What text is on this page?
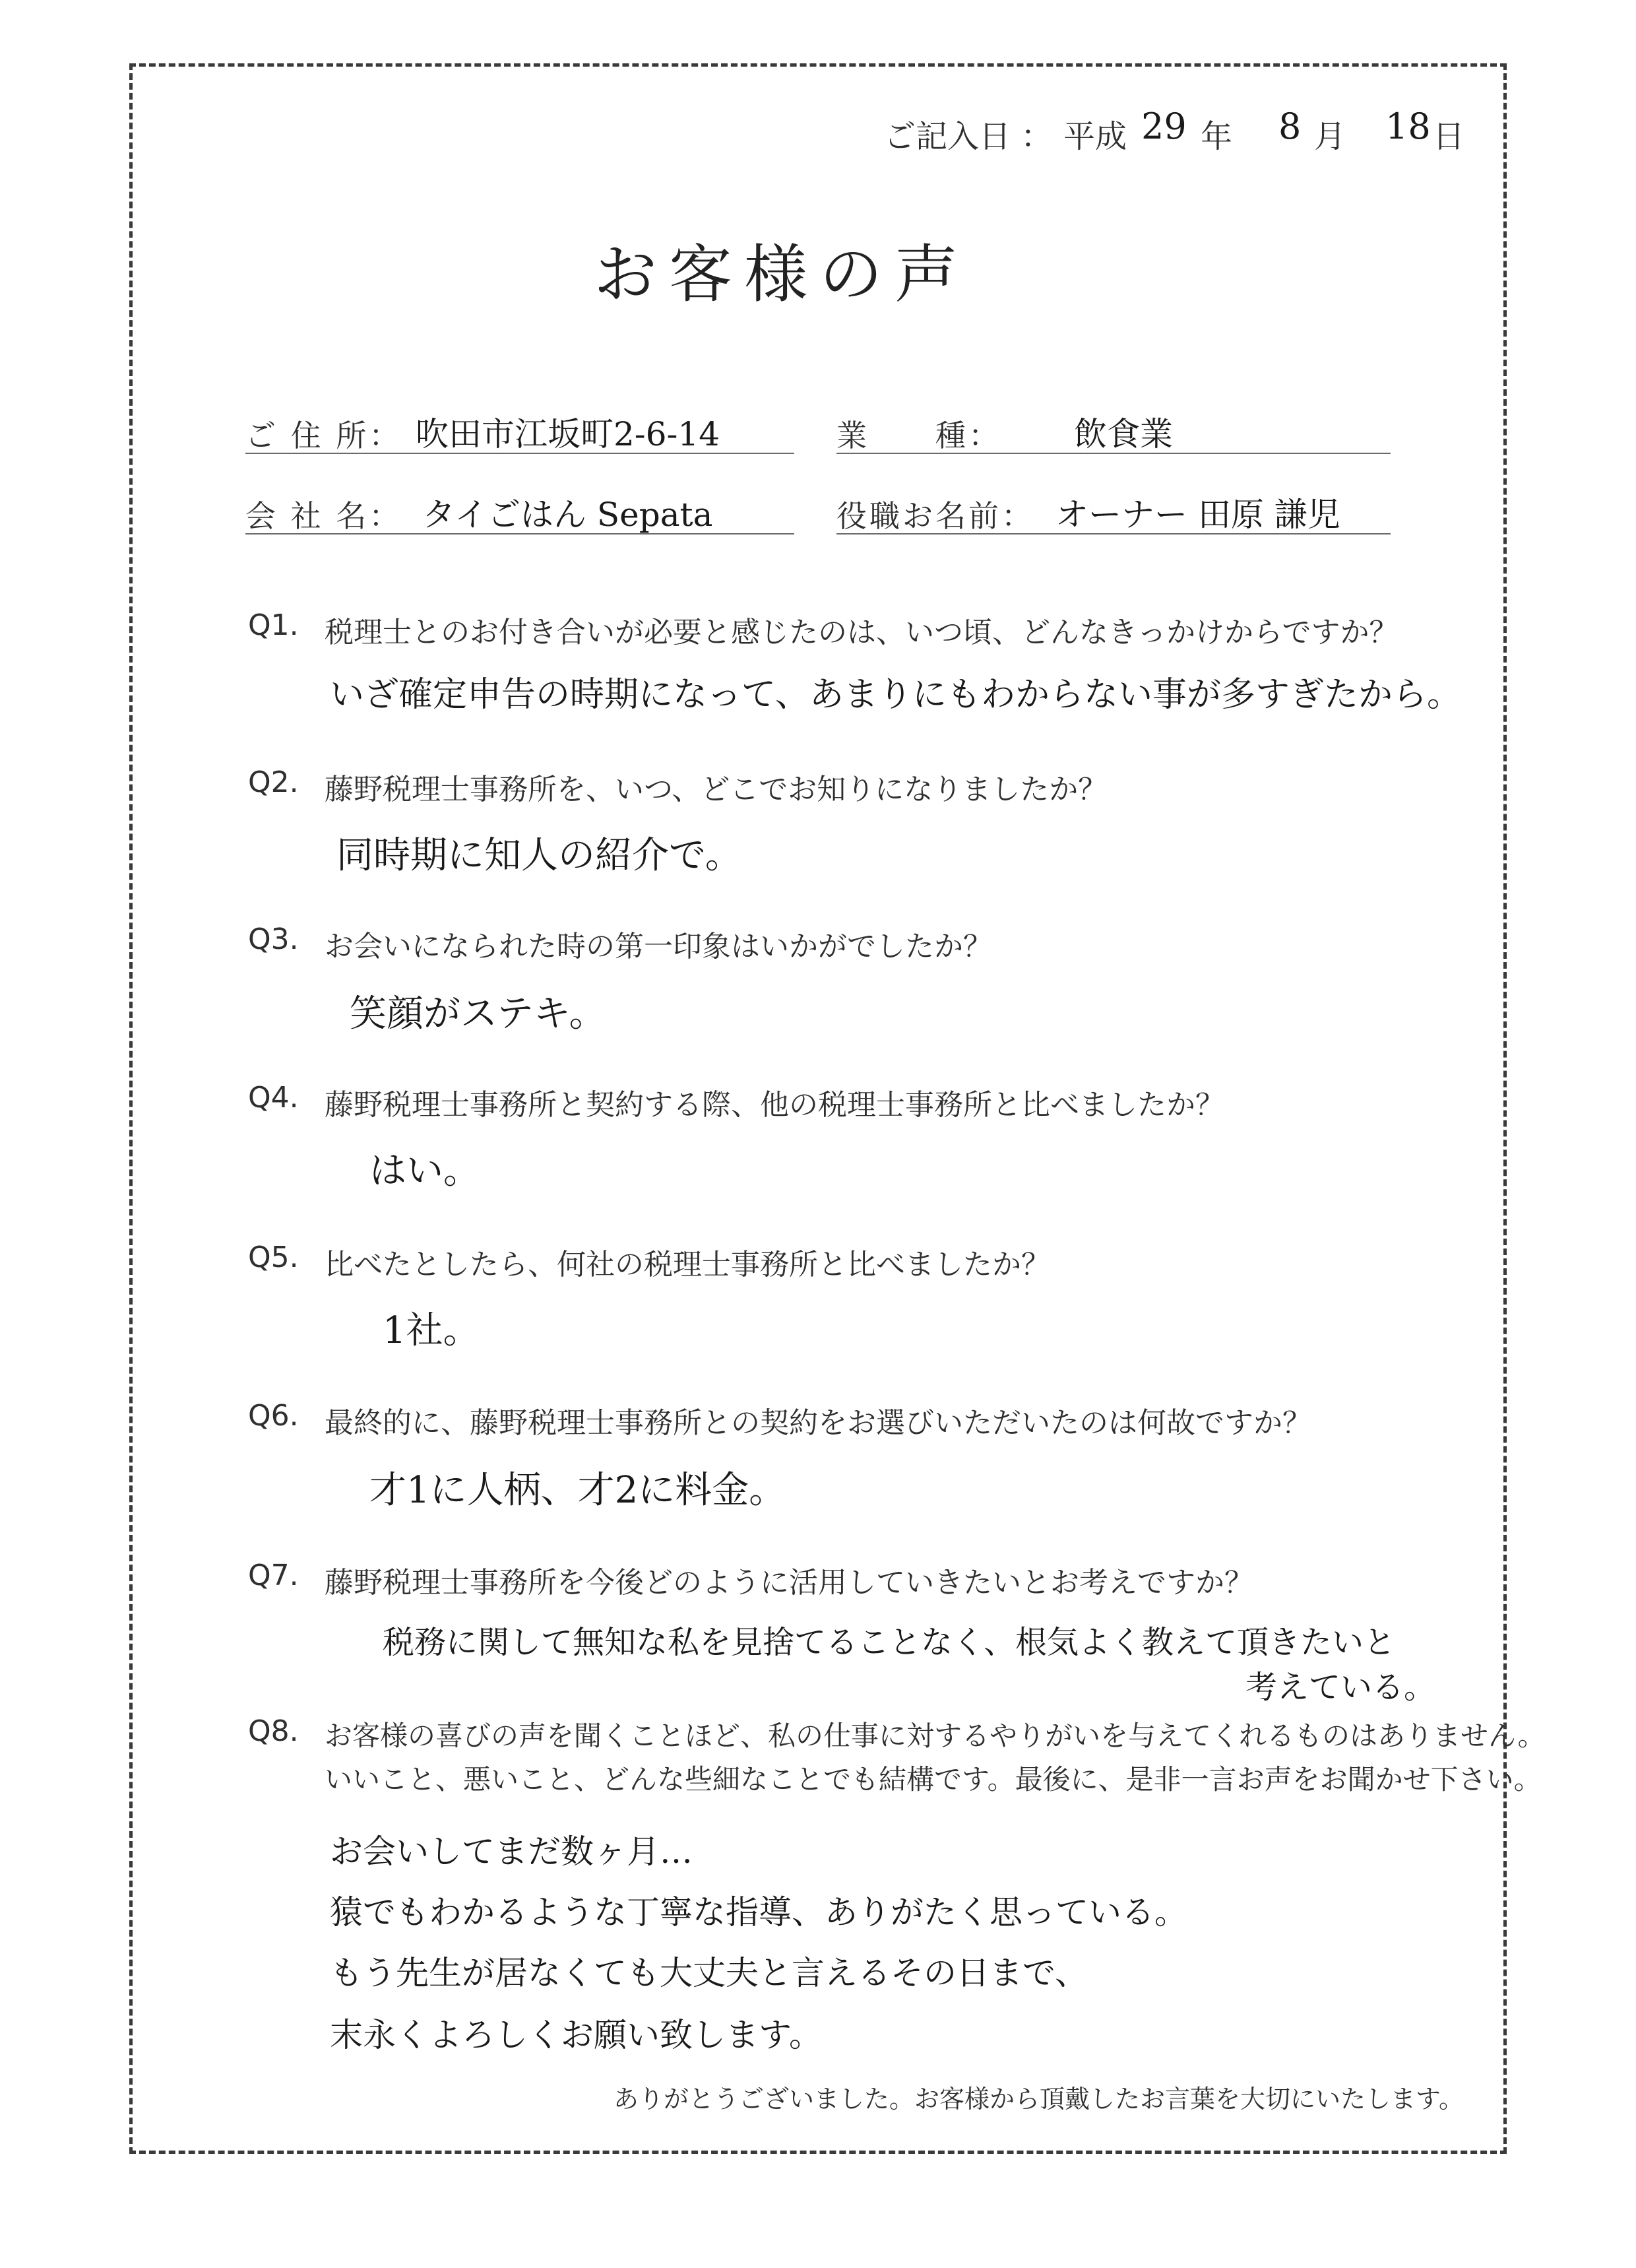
ご記入日 ： 平成 29 年 8 月 18 日
お客様の声
ご 住 所： 吹田市江坂町2-6-14	業　　種： 飲食業
会 社 名： タイごはん Sepata	役職お名前： オーナー 田原 謙児
Q1. 税理士とのお付き合いが必要と感じたのは、いつ頃、どんなきっかけからですか？
いざ確定申告の時期になって、あまりにもわからない事が多すぎたから。
Q2. 藤野税理士事務所を、いつ、どこでお知りになりましたか？
同時期に知人の紹介で。
Q3. お会いになられた時の第一印象はいかがでしたか？
笑顔がステキ。
Q4. 藤野税理士事務所と契約する際、他の税理士事務所と比べましたか？
はい。
Q5. 比べたとしたら、何社の税理士事務所と比べましたか？
1社。
Q6. 最終的に、藤野税理士事務所との契約をお選びいただいたのは何故ですか？
才1に人柄、才2に料金。
Q7. 藤野税理士事務所を今後どのように活用していきたいとお考えですか？
税務に関して無知な私を見捨てることなく、根気よく教えて頂きたいと
考えている。
Q8. お客様の喜びの声を聞くことほど、私の仕事に対するやりがいを与えてくれるものはありません。
いいこと、悪いこと、どんな些細なことでも結構です。最後に、是非一言お声をお聞かせ下さい。
お会いしてまだ数ヶ月…
猿でもわかるような丁寧な指導、ありがたく思っている。
もう先生が居なくても大丈夫と言えるその日まで、
末永くよろしくお願い致します。
ありがとうございました。お客様から頂戴したお言葉を大切にいたします。
